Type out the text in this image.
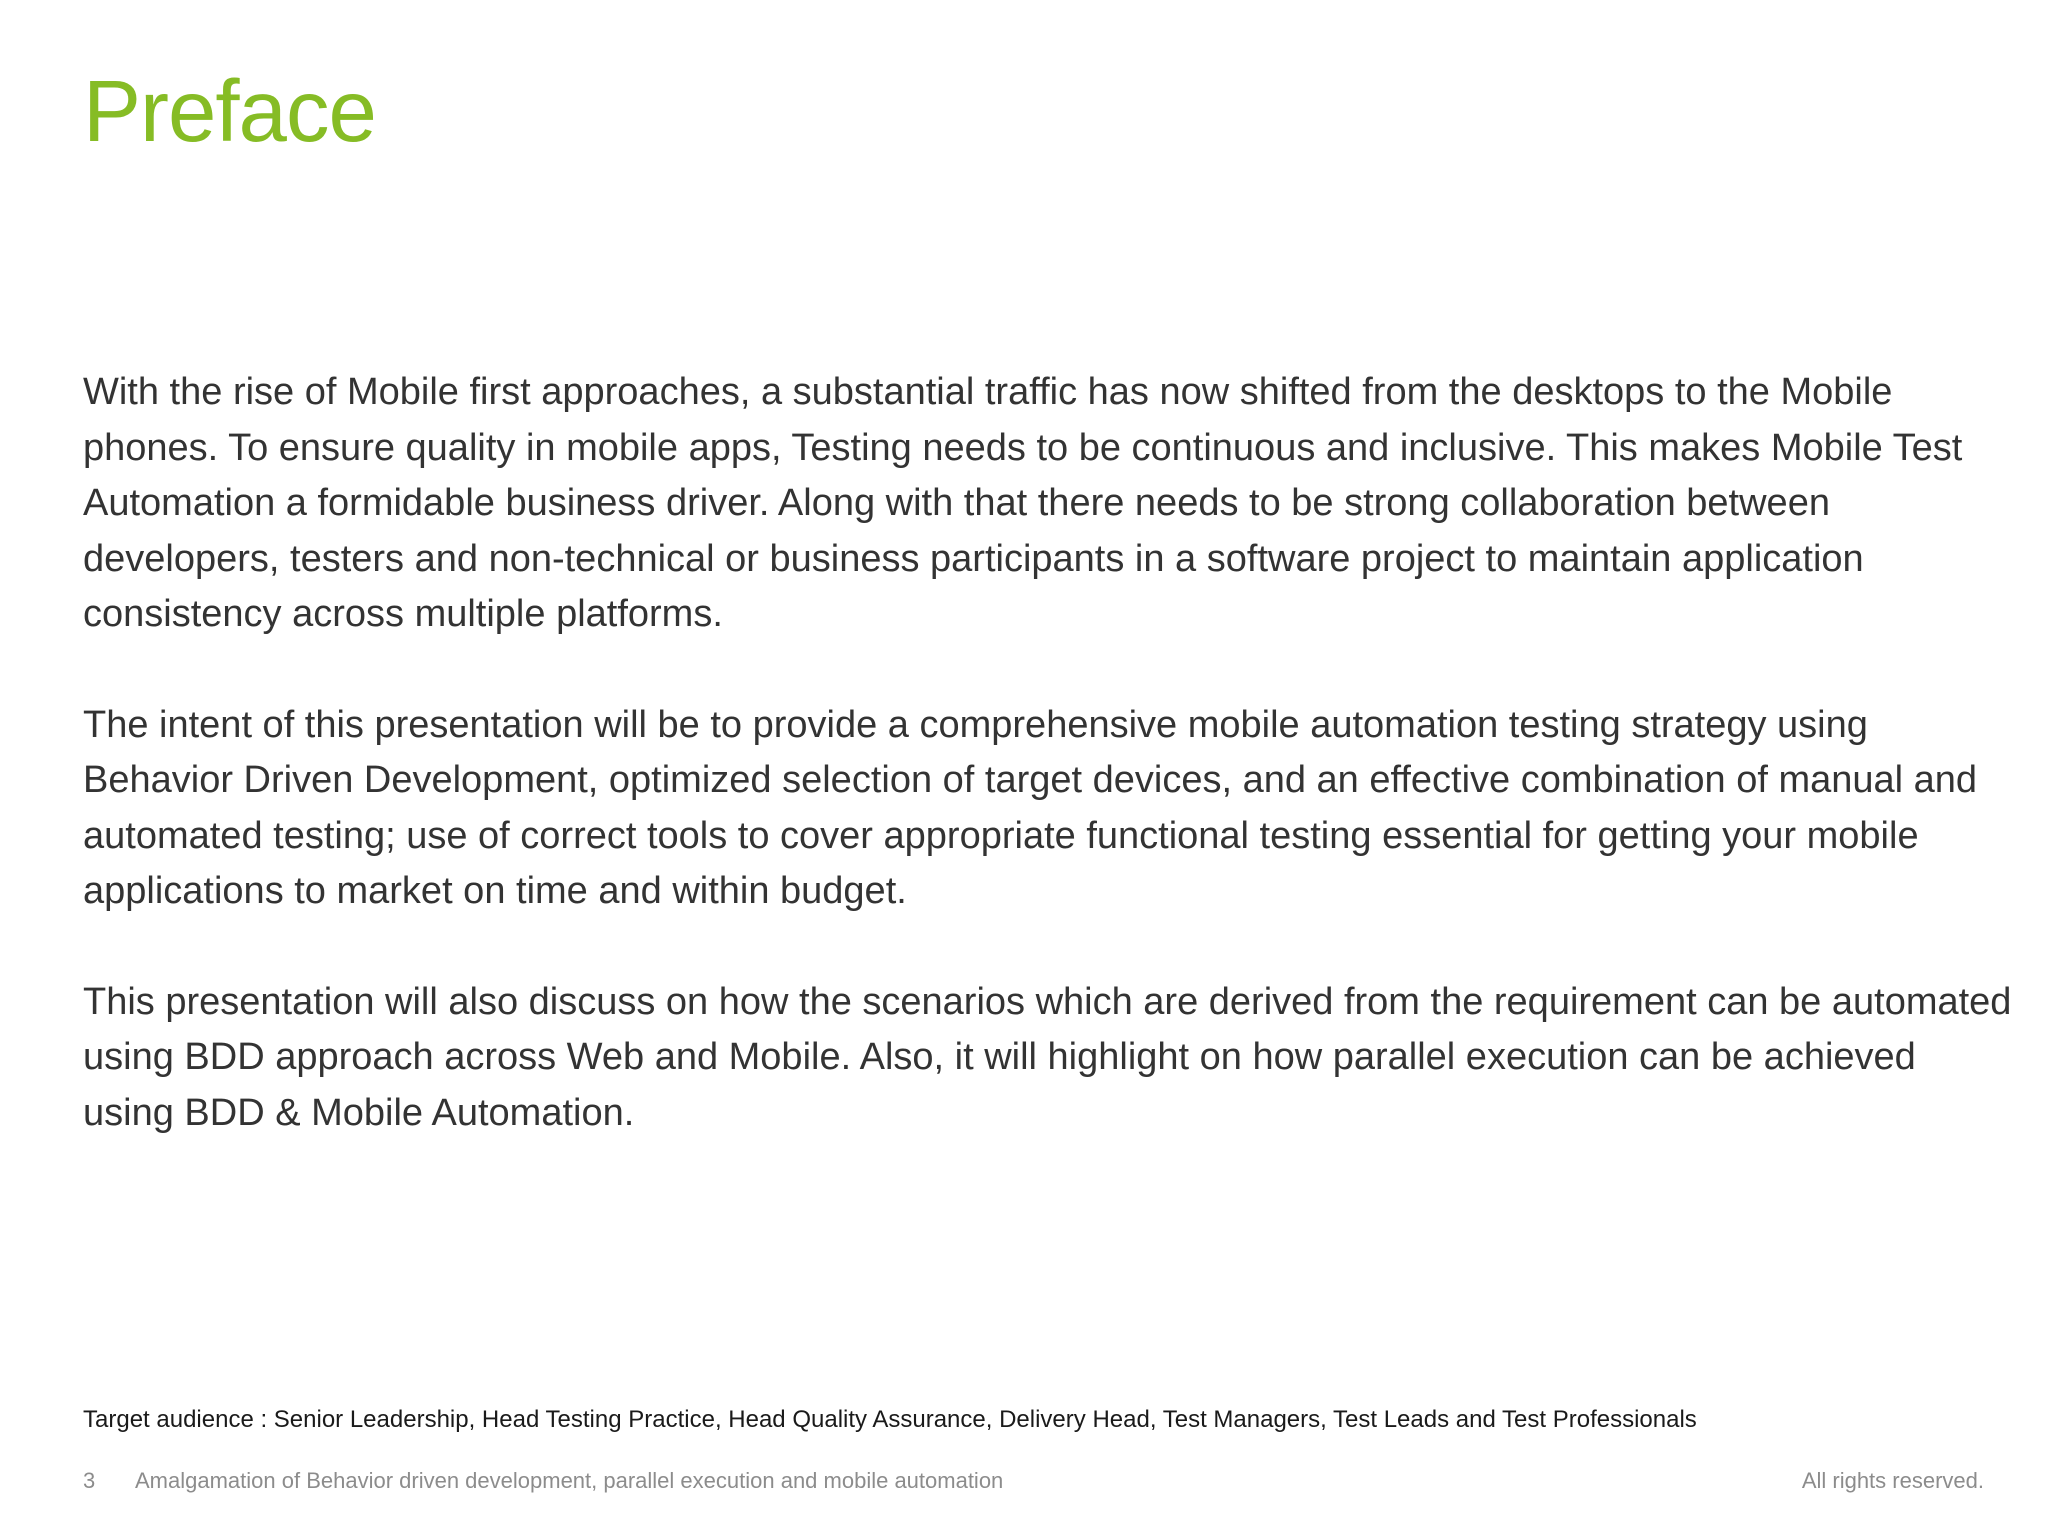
Preface

With the rise of Mobile first approaches, a substantial traffic has now shifted from the desktops to the Mobile phones. To ensure quality in mobile apps, Testing needs to be continuous and inclusive. This makes Mobile Test Automation a formidable business driver. Along with that there needs to be strong collaboration between developers, testers and non-technical or business participants in a software project to maintain application consistency across multiple platforms.

The intent of this presentation will be to provide a comprehensive mobile automation testing strategy using Behavior Driven Development, optimized selection of target devices, and an effective combination of manual and automated testing; use of correct tools to cover appropriate functional testing essential for getting your mobile applications to market on time and within budget.

This presentation will also discuss on how the scenarios which are derived from the requirement can be automated using BDD approach across Web and Mobile. Also, it will highlight on how parallel execution can be achieved using BDD & Mobile Automation.

Target audience : Senior Leadership, Head Testing Practice, Head Quality Assurance, Delivery Head, Test Managers, Test Leads and Test Professionals

3 Amalgamation of Behavior driven development, parallel execution and mobile automation	All rights reserved.
